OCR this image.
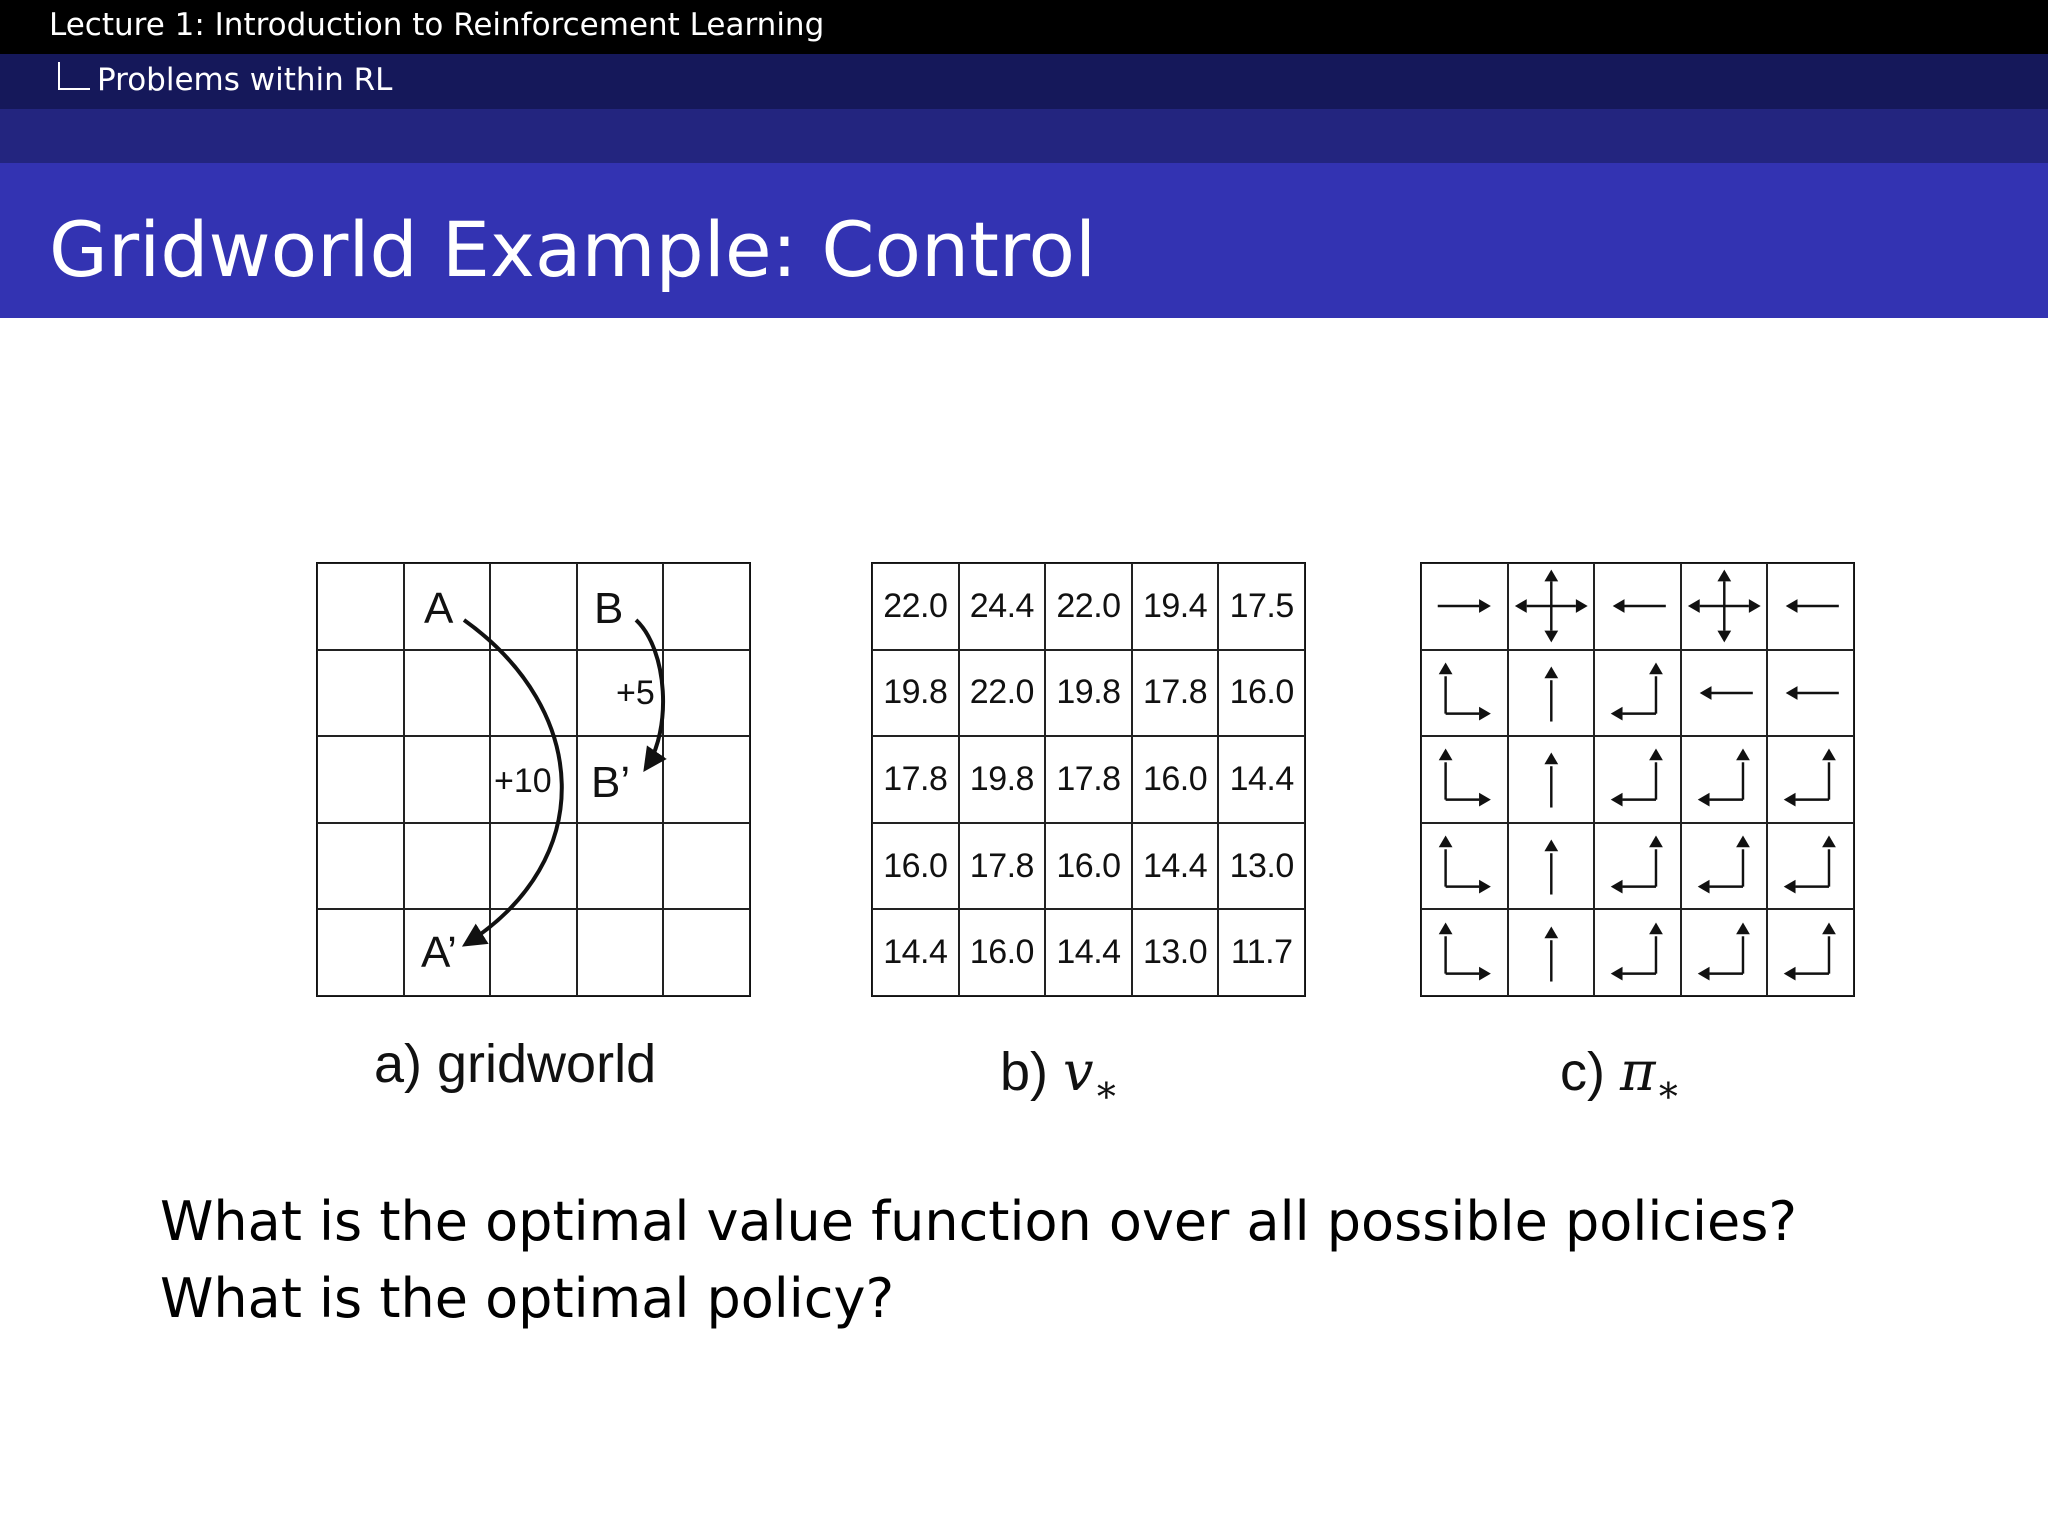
Lecture 1: Introduction to Reinforcement Learning
Problems within RL
Gridworld Example: Control
A	B
B’
A’
+10
+5
a) gridworld
22.0 24.4 22.0 19.4 17.5
19.8 22.0 19.8 17.8 16.0
17.8 19.8 17.8 16.0 14.4
16.0 17.8 16.0 14.4 13.0
14.4 16.0 14.4 13.0 11.7
b) $v_∗$	c) $\pi_∗$
What is the optimal value function over all possible policies?
What is the optimal policy?
